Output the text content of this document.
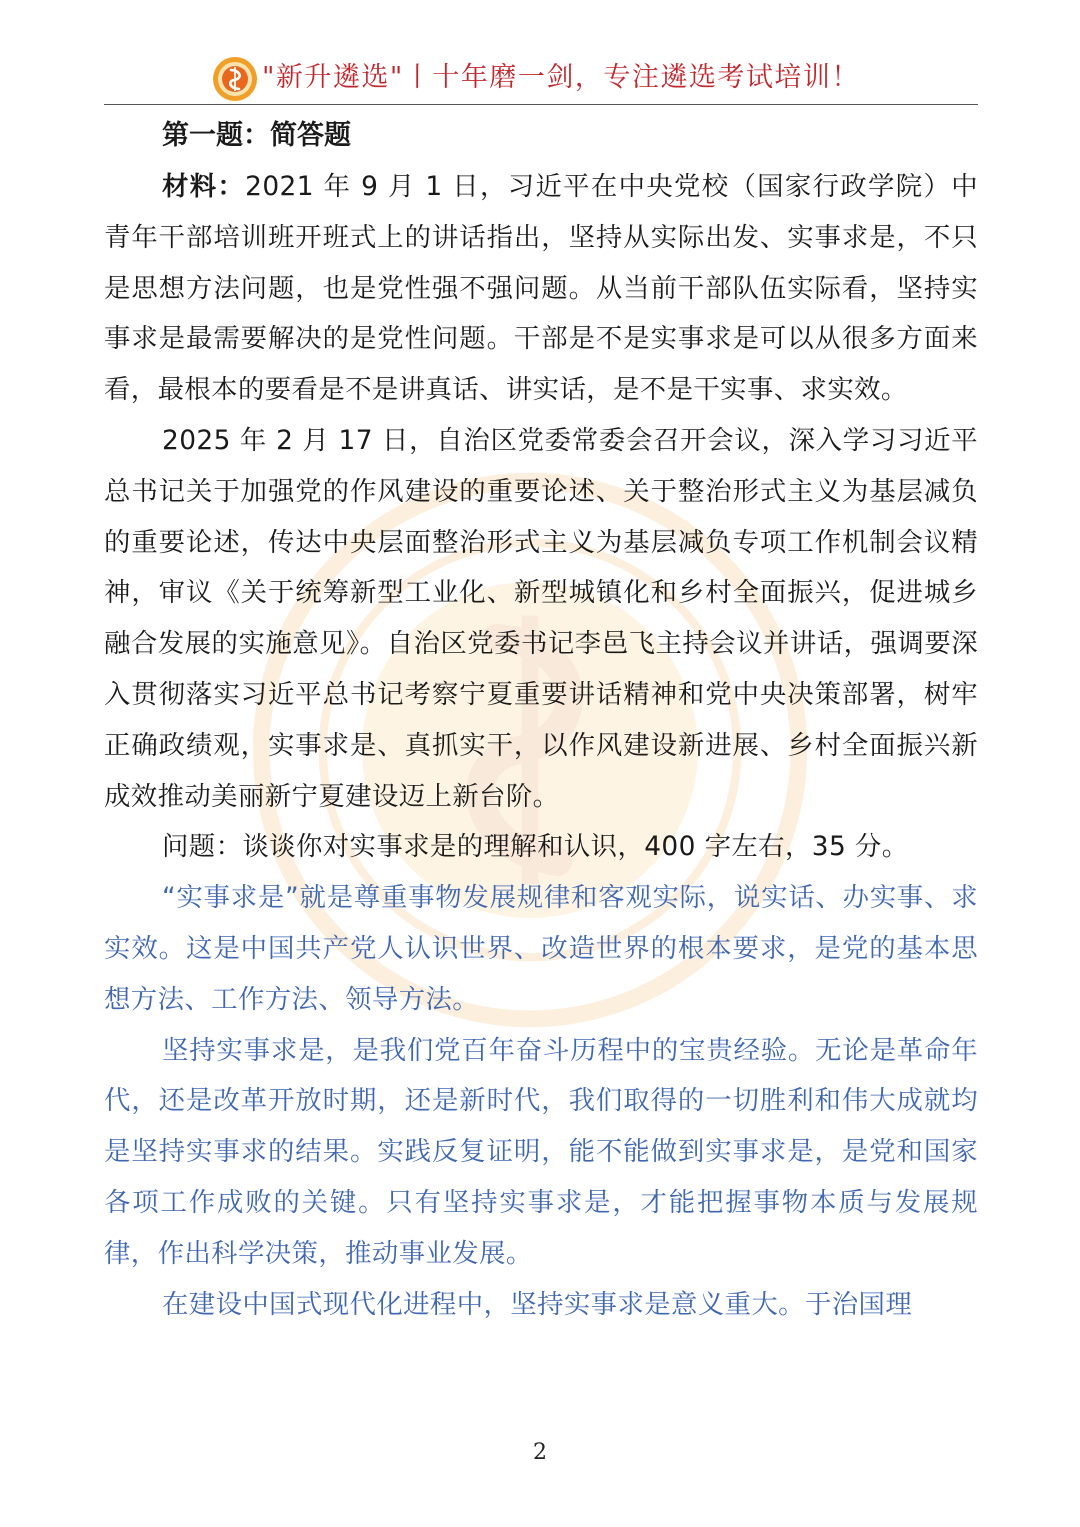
"新升遴选"丨十年磨一剑，专注遴选考试培训！

第一题：简答题

材料：2021 年 9 月 1 日，习近平在中央党校（国家行政学院）中青年干部培训班开班式上的讲话指出，坚持从实际出发、实事求是，不只是思想方法问题，也是党性强不强问题。从当前干部队伍实际看，坚持实事求是最需要解决的是党性问题。干部是不是实事求是可以从很多方面来看，最根本的要看是不是讲真话、讲实话，是不是干实事、求实效。

2025 年 2 月 17 日，自治区党委常委会召开会议，深入学习习近平总书记关于加强党的作风建设的重要论述、关于整治形式主义为基层减负的重要论述，传达中央层面整治形式主义为基层减负专项工作机制会议精神，审议《关于统筹新型工业化、新型城镇化和乡村全面振兴，促进城乡融合发展的实施意见》。自治区党委书记李邑飞主持会议并讲话，强调要深入贯彻落实习近平总书记考察宁夏重要讲话精神和党中央决策部署，树牢正确政绩观，实事求是、真抓实干，以作风建设新进展、乡村全面振兴新成效推动美丽新宁夏建设迈上新台阶。

问题：谈谈你对实事求是的理解和认识，400 字左右，35 分。

“实事求是”就是尊重事物发展规律和客观实际，说实话、办实事、求实效。这是中国共产党人认识世界、改造世界的根本要求，是党的基本思想方法、工作方法、领导方法。

坚持实事求是，是我们党百年奋斗历程中的宝贵经验。无论是革命年代，还是改革开放时期，还是新时代，我们取得的一切胜利和伟大成就均是坚持实事求的结果。实践反复证明，能不能做到实事求是，是党和国家各项工作成败的关键。只有坚持实事求是，才能把握事物本质与发展规律，作出科学决策，推动事业发展。

在建设中国式现代化进程中，坚持实事求是意义重大。于治国理

2
